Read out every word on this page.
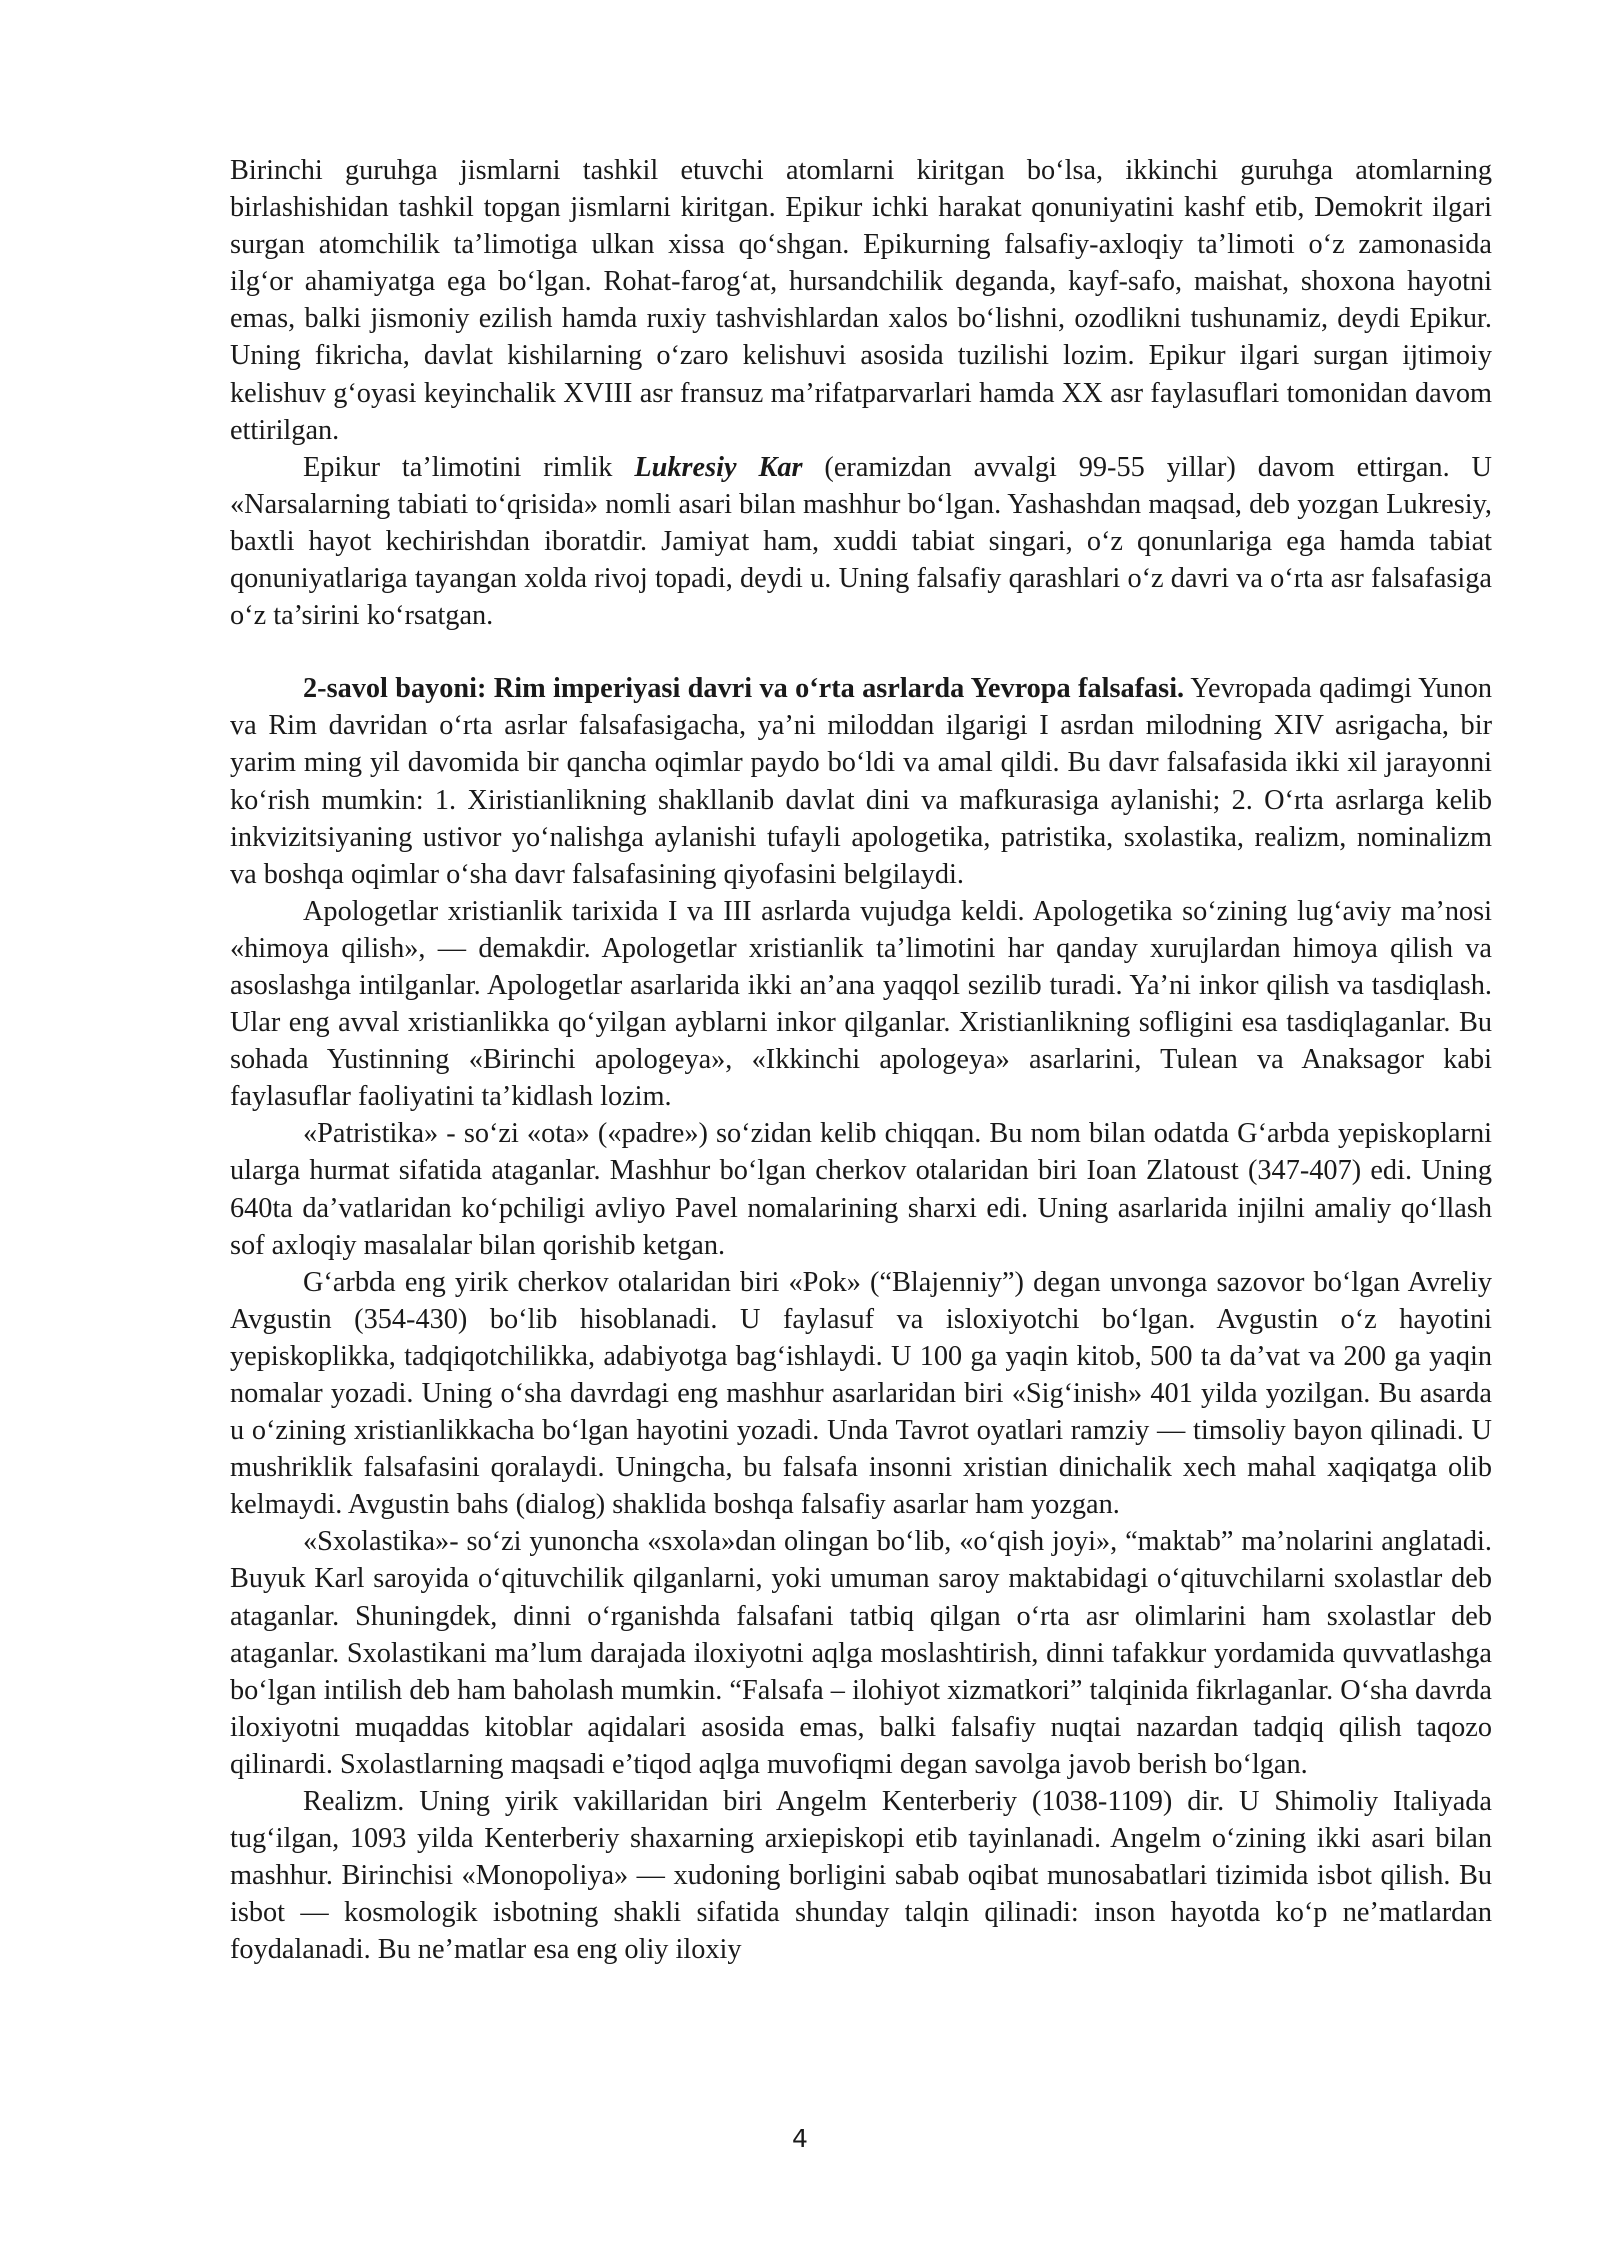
Birinchi guruhga jismlarni tashkil etuvchi atomlarni kiritgan bo‘lsa, ikkinchi guruhga atomlarning birlashishidan tashkil topgan jismlarni kiritgan. Epikur ichki harakat qonuniyatini kashf etib, Demokrit ilgari surgan atomchilik ta’limotiga ulkan xissa qo‘shgan. Epikurning falsafiy-axloqiy ta’limoti o‘z zamonasida ilg‘or ahamiyatga ega bo‘lgan. Rohat-farog‘at, hursandchilik deganda, kayf-safo, maishat, shoxona hayotni emas, balki jismoniy ezilish hamda ruxiy tashvishlardan xalos bo‘lishni, ozodlikni tushunamiz, deydi Epikur. Uning fikricha, davlat kishilarning o‘zaro kelishuvi asosida tuzilishi lozim. Epikur ilgari surgan ijtimoiy kelishuv g‘oyasi keyinchalik XVIII asr fransuz ma’rifatparvarlari hamda XX asr faylasuflari tomonidan davom ettirilgan.

Epikur ta’limotini rimlik Lukresiy Kar (eramizdan avvalgi 99-55 yillar) davom ettirgan. U «Narsalarning tabiati to‘qrisida» nomli asari bilan mashhur bo‘lgan. Yashashdan maqsad, deb yozgan Lukresiy, baxtli hayot kechirishdan iboratdir. Jamiyat ham, xuddi tabiat singari, o‘z qonunlariga ega hamda tabiat qonuniyatlariga tayangan xolda rivoj topadi, deydi u. Uning falsafiy qarashlari o‘z davri va o‘rta asr falsafasiga o‘z ta’sirini ko‘rsatgan.

2-savol bayoni: Rim imperiyasi davri va o‘rta asrlarda Yevropa falsafasi. Yevropada qadimgi Yunon va Rim davridan o‘rta asrlar falsafasigacha, ya’ni miloddan ilgarigi I asrdan milodning XIV asrigacha, bir yarim ming yil davomida bir qancha oqimlar paydo bo‘ldi va amal qildi. Bu davr falsafasida ikki xil jarayonni ko‘rish mumkin: 1. Xiristianlikning shakllanib davlat dini va mafkurasiga aylanishi; 2. O‘rta asrlarga kelib inkvizitsiyaning ustivor yo‘nalishga aylanishi tufayli apologetika, patristika, sxolastika, realizm, nominalizm va boshqa oqimlar o‘sha davr falsafasining qiyofasini belgilaydi.

Apologetlar xristianlik tarixida I va III asrlarda vujudga keldi. Apologetika so‘zining lug‘aviy ma’nosi «himoya qilish», — demakdir. Apologetlar xristianlik ta’limotini har qanday xurujlardan himoya qilish va asoslashga intilganlar. Apologetlar asarlarida ikki an’ana yaqqol sezilib turadi. Ya’ni inkor qilish va tasdiqlash. Ular eng avval xristianlikka qo‘yilgan ayblarni inkor qilganlar. Xristianlikning sofligini esa tasdiqlaganlar. Bu sohada Yustinning «Birinchi apologeya», «Ikkinchi apologeya» asarlarini, Tulean va Anaksagor kabi faylasuflar faoliyatini ta’kidlash lozim.

«Patristika» - so‘zi «ota» («padre») so‘zidan kelib chiqqan. Bu nom bilan odatda G‘arbda yepiskoplarni ularga hurmat sifatida ataganlar. Mashhur bo‘lgan cherkov otalaridan biri Ioan Zlatoust (347-407) edi. Uning 640ta da’vatlaridan ko‘pchiligi avliyo Pavel nomalarining sharxi edi. Uning asarlarida injilni amaliy qo‘llash sof axloqiy masalalar bilan qorishib ketgan.

G‘arbda eng yirik cherkov otalaridan biri «Pok» (“Blajenniy”) degan unvonga sazovor bo‘lgan Avreliy Avgustin (354-430) bo‘lib hisoblanadi. U faylasuf va isloxiyotchi bo‘lgan. Avgustin o‘z hayotini yepiskoplikka, tadqiqotchilikka, adabiyotga bag‘ishlaydi. U 100 ga yaqin kitob, 500 ta da’vat va 200 ga yaqin nomalar yozadi. Uning o‘sha davrdagi eng mashhur asarlaridan biri «Sig‘inish» 401 yilda yozilgan. Bu asarda u o‘zining xristianlikkacha bo‘lgan hayotini yozadi. Unda Tavrot oyatlari ramziy — timsoliy bayon qilinadi. U mushriklik falsafasini qoralaydi. Uningcha, bu falsafa insonni xristian dinichalik xech mahal xaqiqatga olib kelmaydi. Avgustin bahs (dialog) shaklida boshqa falsafiy asarlar ham yozgan.

«Sxolastika»- so‘zi yunoncha «sxola»dan olingan bo‘lib, «o‘qish joyi», “maktab” ma’nolarini anglatadi. Buyuk Karl saroyida o‘qituvchilik qilganlarni, yoki umuman saroy maktabidagi o‘qituvchilarni sxolastlar deb ataganlar. Shuningdek, dinni o‘rganishda falsafani tatbiq qilgan o‘rta asr olimlarini ham sxolastlar deb ataganlar. Sxolastikani ma’lum darajada iloxiyotni aqlga moslashtirish, dinni tafakkur yordamida quvvatlashga bo‘lgan intilish deb ham baholash mumkin. “Falsafa – ilohiyot xizmatkori” talqinida fikrlaganlar. O‘sha davrda iloxiyotni muqaddas kitoblar aqidalari asosida emas, balki falsafiy nuqtai nazardan tadqiq qilish taqozo qilinardi. Sxolastlarning maqsadi e’tiqod aqlga muvofiqmi degan savolga javob berish bo‘lgan.

Realizm. Uning yirik vakillaridan biri Angelm Kenterberiy (1038-1109) dir. U Shimoliy Italiyada tug‘ilgan, 1093 yilda Kenterberiy shaxarning arxiepiskopi etib tayinlanadi. Angelm o‘zining ikki asari bilan mashhur. Birinchisi «Monopoliya» — xudoning borligini sabab oqibat munosabatlari tizimida isbot qilish. Bu isbot — kosmologik isbotning shakli sifatida shunday talqin qilinadi: inson hayotda ko‘p ne’matlardan foydalanadi. Bu ne’matlar esa eng oliy iloxiy

4
